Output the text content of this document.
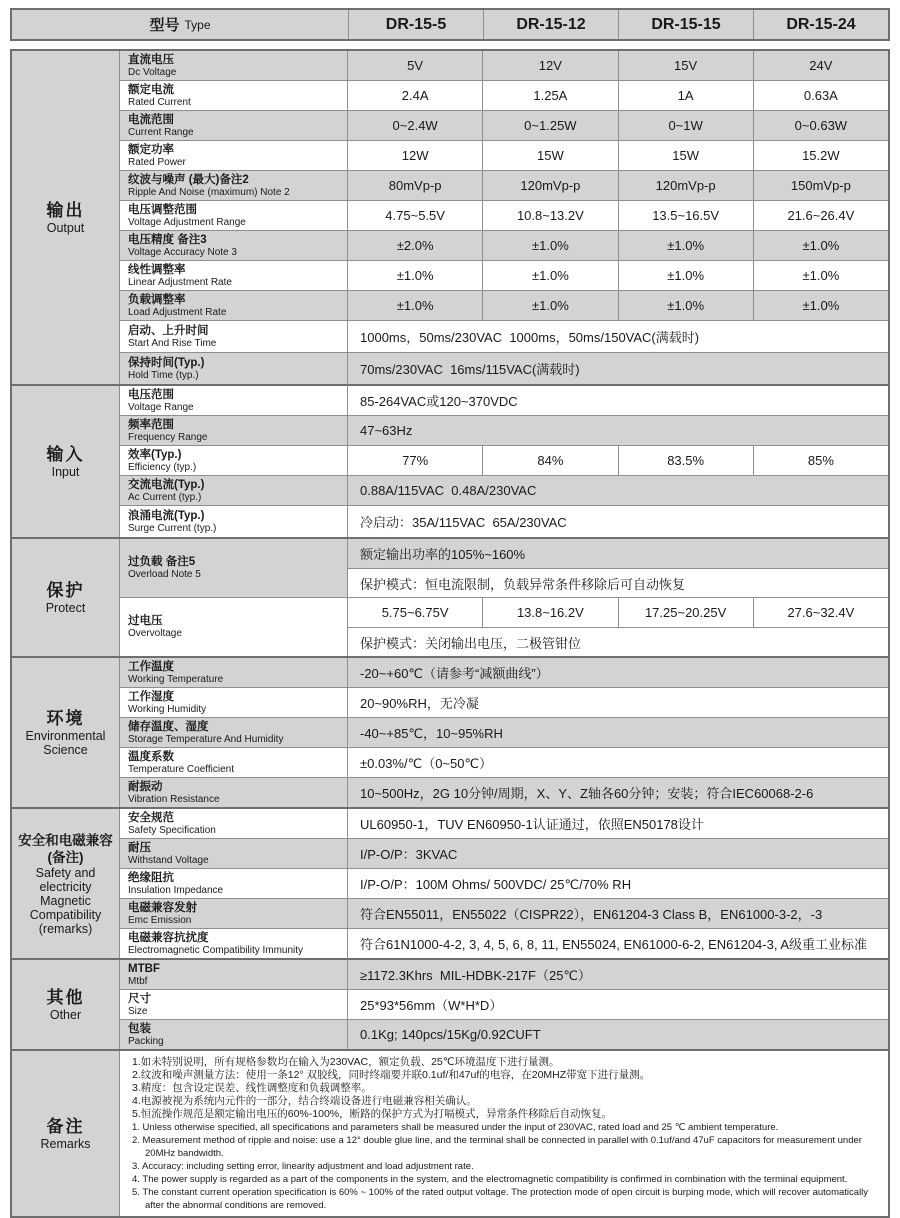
型号 Type	DR-15-5	DR-15-12	DR-15-15	DR-15-24
输出
Output
直流电压
Dc Voltage	5V	12V	15V	24V
额定电流
Rated Current	2.4A	1.25A	1A	0.63A
电流范围
Current Range	0~2.4W	0~1.25W	0~1W	0~0.63W
额定功率
Rated Power	12W	15W	15W	15.2W
纹波与噪声 (最大)备注2
Ripple And Noise (maximum) Note 2	80mVp-p	120mVp-p	120mVp-p	150mVp-p
电压调整范围
Voltage Adjustment Range	4.75~5.5V	10.8~13.2V	13.5~16.5V	21.6~26.4V
电压精度 备注3
Voltage Accuracy Note 3	±2.0%	±1.0%	±1.0%	±1.0%
线性调整率
Linear Adjustment Rate	±1.0%	±1.0%	±1.0%	±1.0%
负载调整率
Load Adjustment Rate	±1.0%	±1.0%	±1.0%	±1.0%
启动、上升时间
Start And Rise Time	1000ms，50ms/230VAC  1000ms，50ms/150VAC(满载时)
保持时间(Typ.)
Hold Time (typ.)	70ms/230VAC  16ms/115VAC(满载时)
输入
Input
电压范围
Voltage Range	85-264VAC或120~370VDC
频率范围
Frequency Range	47~63Hz
效率(Typ.)
Efficiency (typ.)	77%	84%	83.5%	85%
交流电流(Typ.)
Ac Current (typ.)	0.88A/115VAC  0.48A/230VAC
浪涌电流(Typ.)
Surge Current (typ.)	冷启动：35A/115VAC  65A/230VAC
保护
Protect
过负载 备注5
Overload Note 5
额定输出功率的105%~160%
保护模式：恒电流限制，负载异常条件移除后可自动恢复
过电压
Overvoltage
5.75~6.75V	13.8~16.2V	17.25~20.25V	27.6~32.4V
保护模式：关闭输出电压，二极管钳位
环境
Environmental Science
工作温度
Working Temperature	-20~+60℃（请参考“减额曲线”）
工作湿度
Working Humidity	20~90%RH，无冷凝
储存温度、湿度
Storage Temperature And Humidity	-40~+85℃，10~95%RH
温度系数
Temperature Coefficient	±0.03%/℃（0~50℃）
耐振动
Vibration Resistance	10~500Hz，2G 10分钟/周期，X、Y、Z轴各60分钟；安装；符合IEC60068-2-6
安全和电磁兼容(备注)
Safety and electricity Magnetic Compatibility (remarks)
安全规范
Safety Specification	UL60950-1，TUV EN60950-1认证通过，依照EN50178设计
耐压
Withstand Voltage	I/P-O/P：3KVAC
绝缘阻抗
Insulation Impedance	I/P-O/P：100M Ohms/ 500VDC/ 25℃/70% RH
电磁兼容发射
Emc Emission	符合EN55011，EN55022（CISPR22），EN61204-3 Class B，EN61000-3-2，-3
电磁兼容抗扰度
Electromagnetic Compatibility Immunity	符合61N1000-4-2, 3, 4, 5, 6, 8, 11, EN55024, EN61000-6-2, EN61204-3, A级重工业标准
其他
Other
MTBF
Mtbf	≥1172.3Khrs  MIL-HDBK-217F（25℃）
尺寸
Size	25*93*56mm（W*H*D）
包装
Packing	0.1Kg; 140pcs/15Kg/0.92CUFT
备注
Remarks
1.如未特别说明，所有规格参数均在输入为230VAC，额定负载、25℃环境温度下进行量测。
2.纹波和噪声测量方法：使用一条12° 双胶线，同时终端要并联0.1uf/和47uf的电容，在20MHZ带宽下进行量测。
3.精度：包含设定误差、线性调整度和负载调整率。
4.电源被视为系统内元件的一部分，结合终端设备进行电磁兼容相关确认。
5.恒流操作规范是额定输出电压的60%-100%，断路的保护方式为打嗝模式，异常条件移除后自动恢复。
1. Unless otherwise specified, all specifications and parameters shall be measured under the input of 230VAC, rated load and 25 ℃ ambient temperature.
2. Measurement method of ripple and noise: use a 12° double glue line, and the terminal shall be connected in parallel with 0.1uf/and 47uF capacitors for measurement under 20MHz bandwidth.
3. Accuracy: including setting error, linearity adjustment and load adjustment rate.
4. The power supply is regarded as a part of the components in the system, and the electromagnetic compatibility is confirmed in combination with the terminal equipment.
5. The constant current operation specification is 60% ~ 100% of the rated output voltage. The protection mode of open circuit is burping mode, which will recover automatically after the abnormal conditions are removed.
